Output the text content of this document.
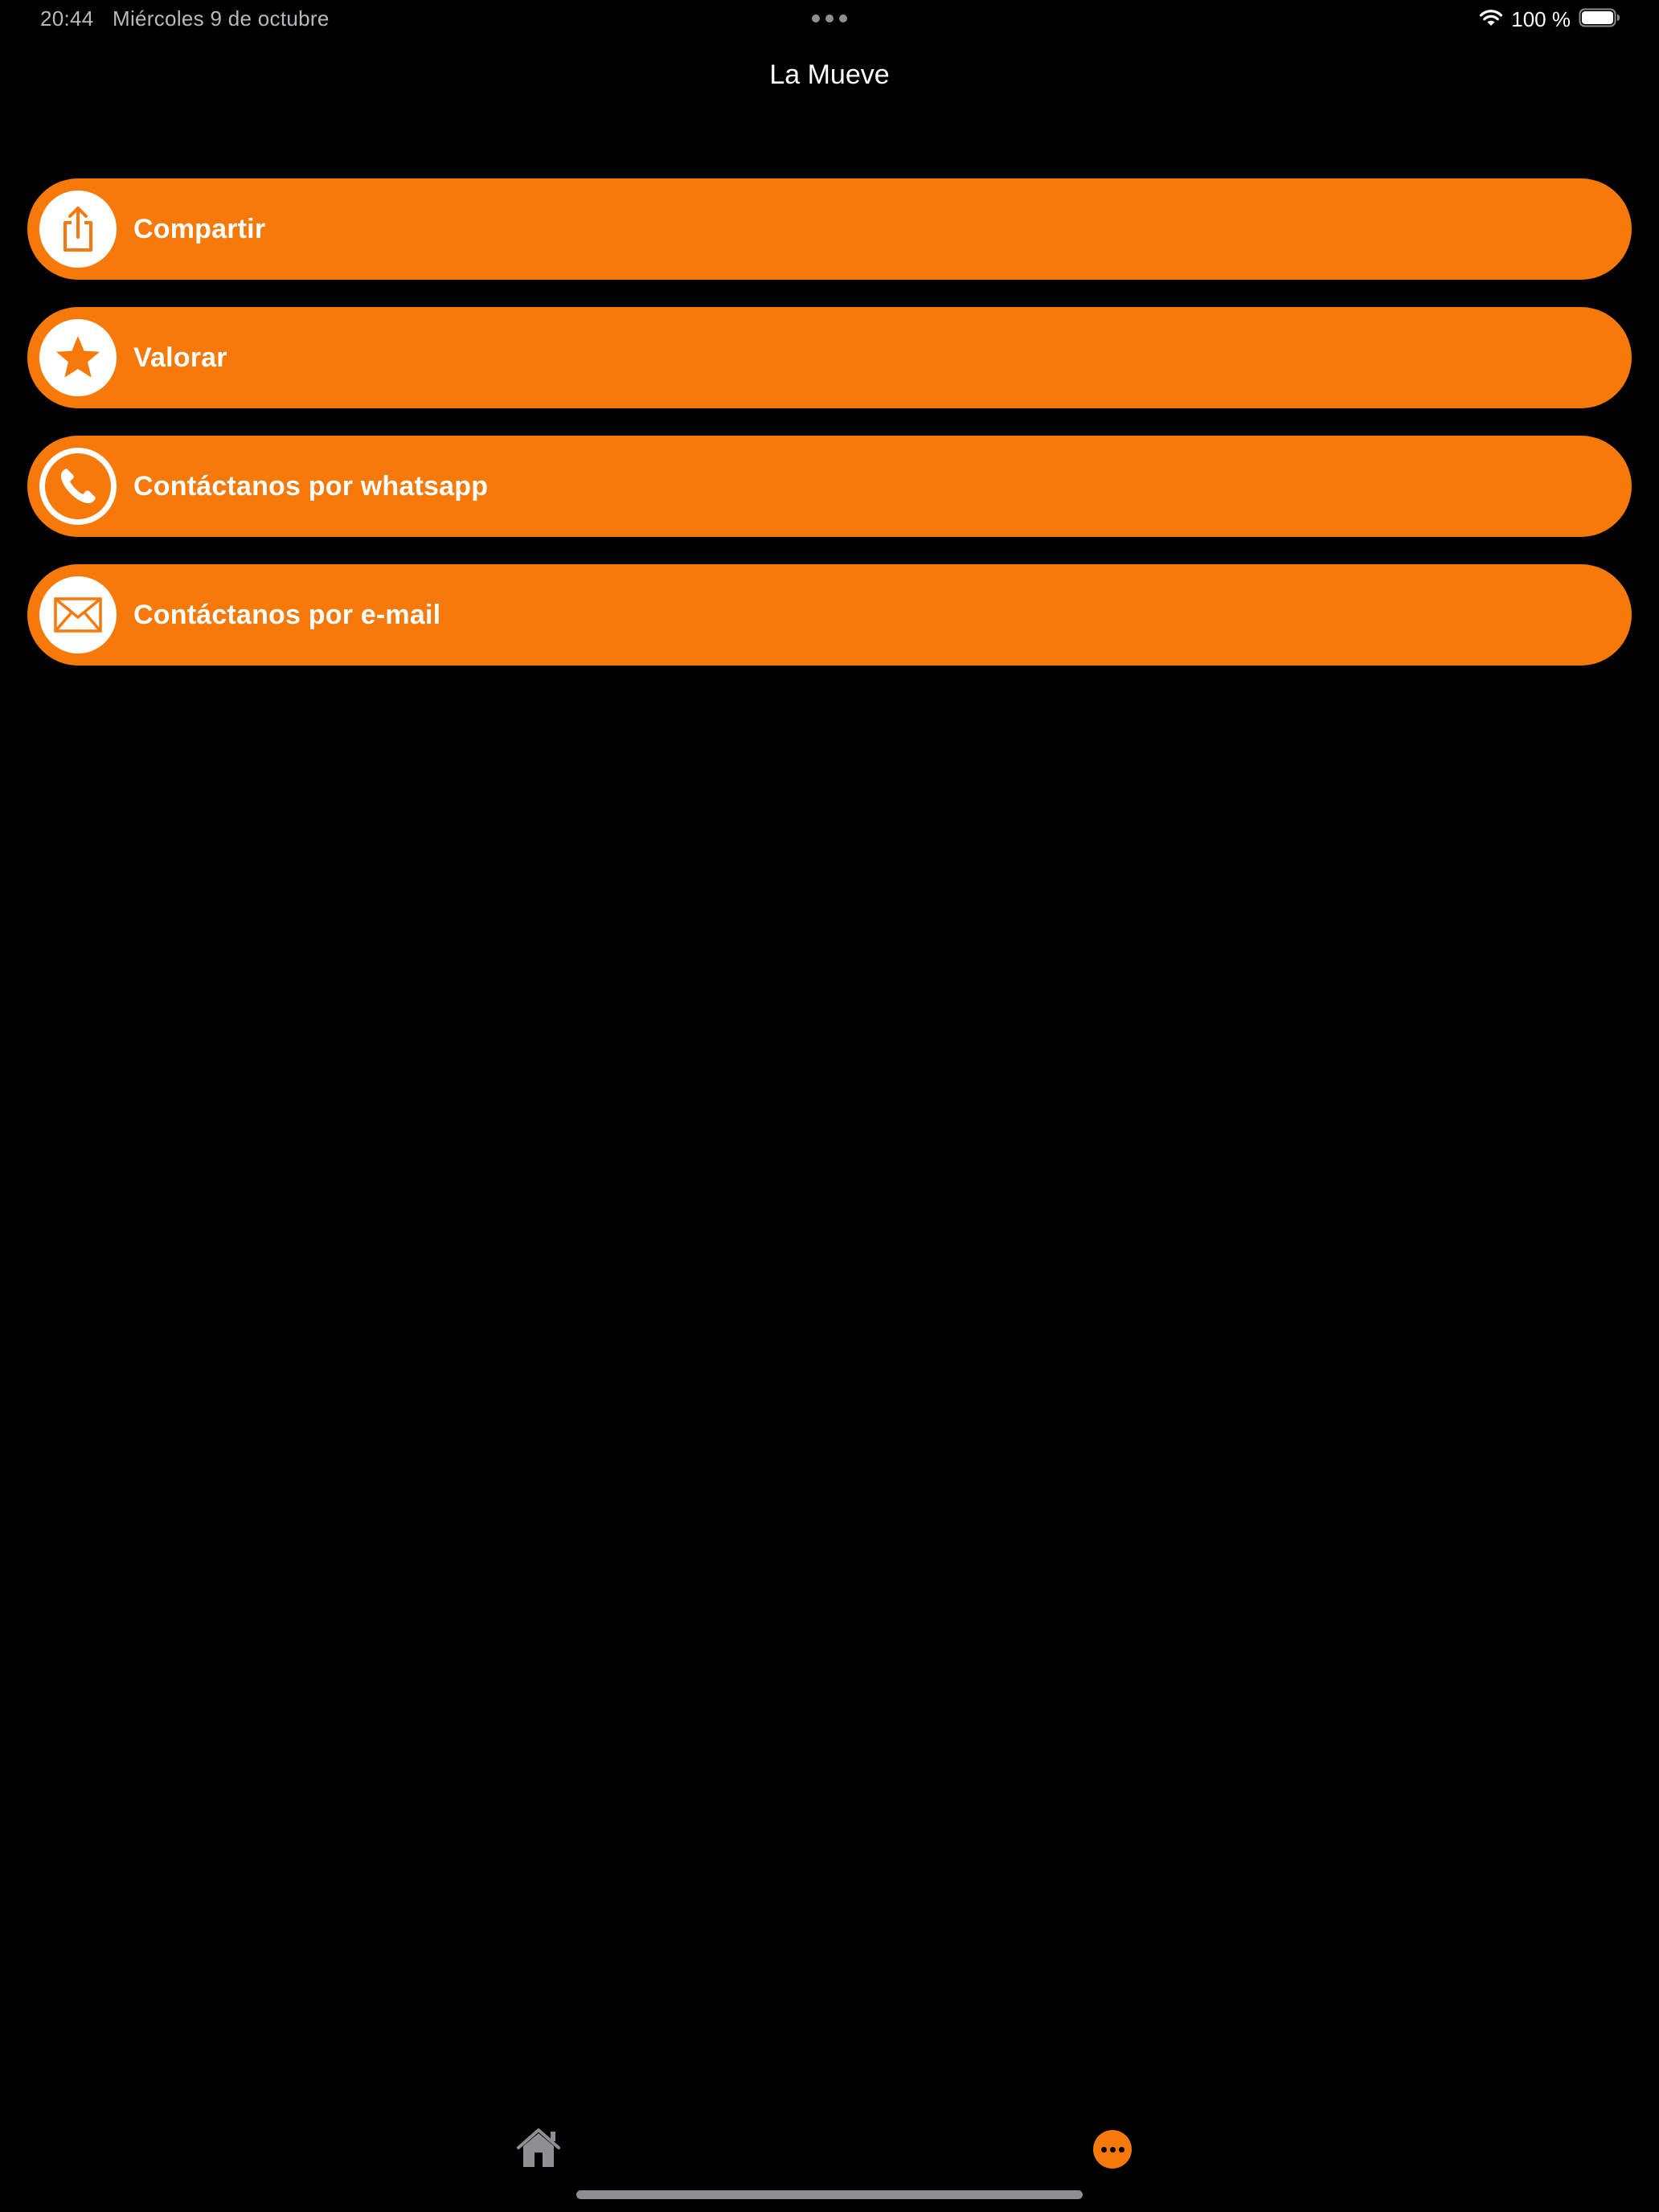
20:44 Miércoles 9 de octubre	100 %
La Mueve
Compartir
Valorar
Contáctanos por whatsapp
Contáctanos por e-mail
